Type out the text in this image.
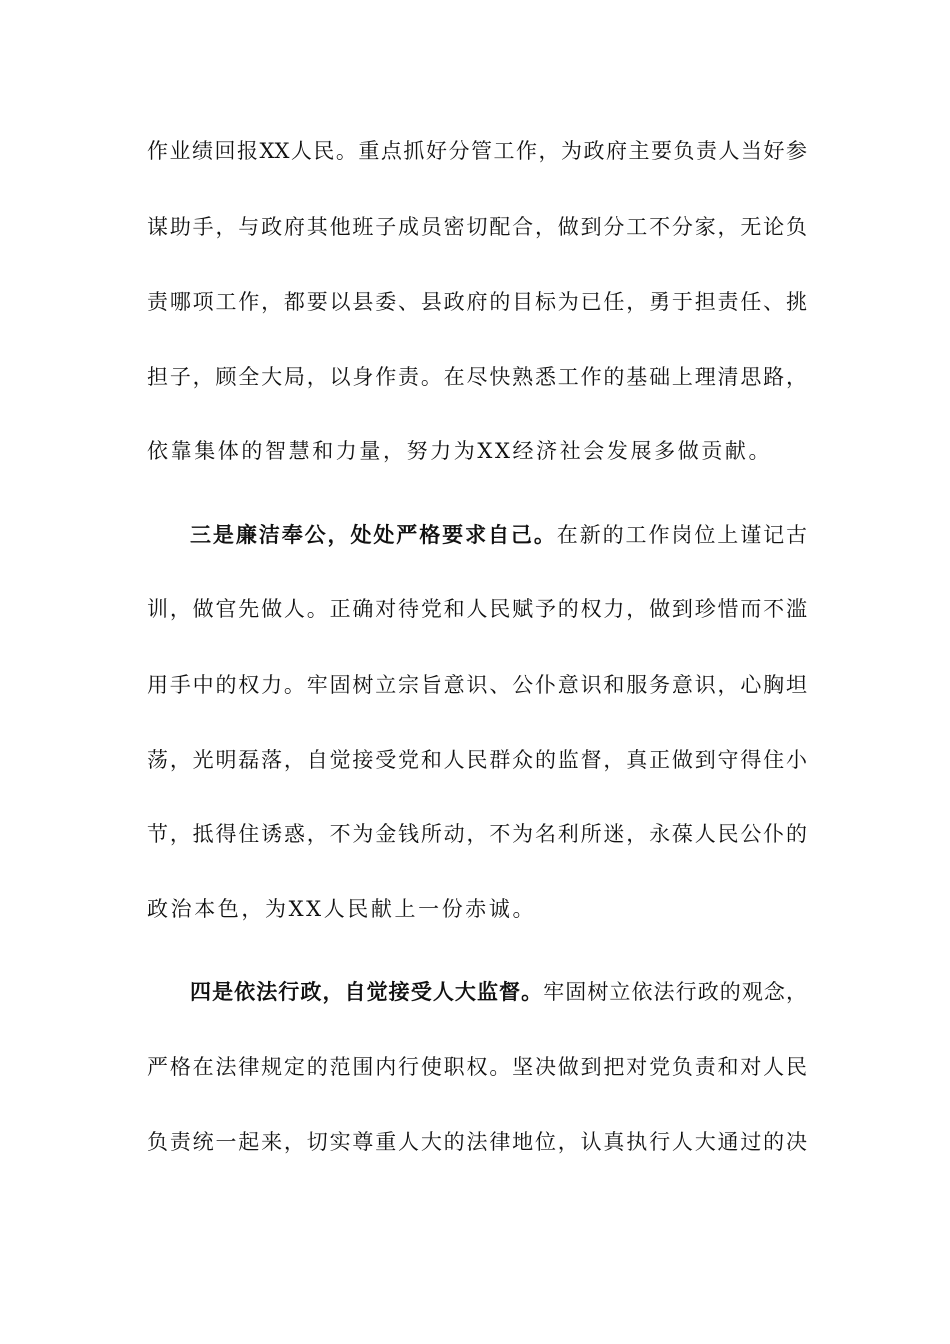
作业绩回报XX人民。重点抓好分管工作，为政府主要负责人当好参
谋助手，与政府其他班子成员密切配合，做到分工不分家，无论负
责哪项工作，都要以县委、县政府的目标为已任，勇于担责任、挑
担子，顾全大局，以身作责。在尽快熟悉工作的基础上理清思路，
依靠集体的智慧和力量，努力为XX经济社会发展多做贡献。
三是廉洁奉公，处处严格要求自己。在新的工作岗位上谨记古
训，做官先做人。正确对待党和人民赋予的权力，做到珍惜而不滥
用手中的权力。牢固树立宗旨意识、公仆意识和服务意识，心胸坦
荡，光明磊落，自觉接受党和人民群众的监督，真正做到守得住小
节，抵得住诱惑，不为金钱所动，不为名利所迷，永葆人民公仆的
政治本色，为XX人民献上一份赤诚。
四是依法行政，自觉接受人大监督。牢固树立依法行政的观念，
严格在法律规定的范围内行使职权。坚决做到把对党负责和对人民
负责统一起来，切实尊重人大的法律地位，认真执行人大通过的决
